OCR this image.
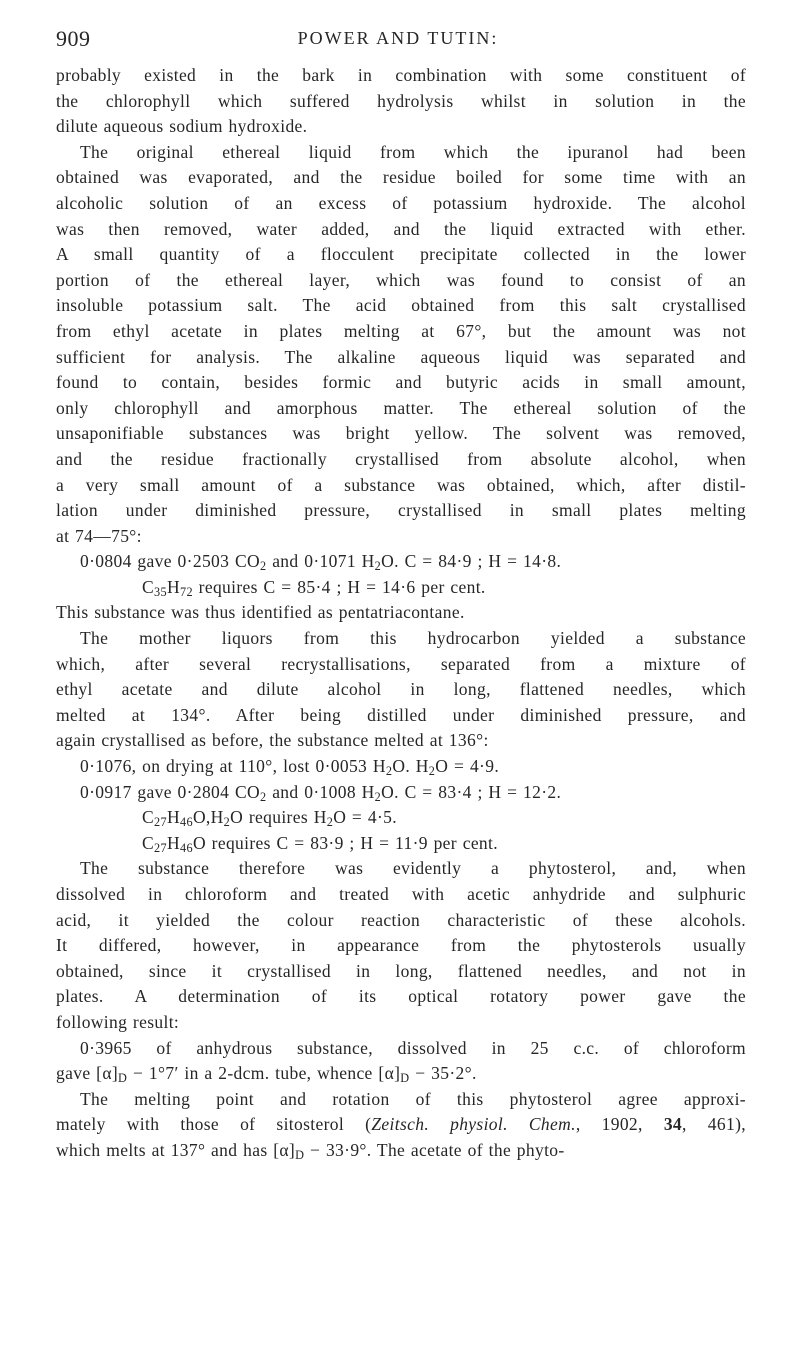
909	POWER AND TUTIN:
probably existed in the bark in combination with some constituent of
the chlorophyll which suffered hydrolysis whilst in solution in the
dilute aqueous sodium hydroxide.
The original ethereal liquid from which the ipuranol had been
obtained was evaporated, and the residue boiled for some time with an
alcoholic solution of an excess of potassium hydroxide. The alcohol
was then removed, water added, and the liquid extracted with ether.
A small quantity of a flocculent precipitate collected in the lower
portion of the ethereal layer, which was found to consist of an
insoluble potassium salt. The acid obtained from this salt crystallised
from ethyl acetate in plates melting at 67°, but the amount was not
sufficient for analysis. The alkaline aqueous liquid was separated and
found to contain, besides formic and butyric acids in small amount,
only chlorophyll and amorphous matter. The ethereal solution of the
unsaponifiable substances was bright yellow. The solvent was removed,
and the residue fractionally crystallised from absolute alcohol, when
a very small amount of a substance was obtained, which, after distil-
lation under diminished pressure, crystallised in small plates melting
at 74—75°:
0·0804 gave 0·2503 $CO_2$ and 0·1071 $H_2O$. C = 84·9 ; H = 14·8.
$C_{35}H_{72}$ requires C = 85·4 ; H = 14·6 per cent.
This substance was thus identified as pentatriacontane.
The mother liquors from this hydrocarbon yielded a substance
which, after several recrystallisations, separated from a mixture of
ethyl acetate and dilute alcohol in long, flattened needles, which
melted at 134°. After being distilled under diminished pressure, and
again crystallised as before, the substance melted at 136°:
0·1076, on drying at 110°, lost 0·0053 $H_2O$. $H_2O = 4\cdot 9$.
0·0917 gave 0·2804 $CO_2$ and 0·1008 $H_2O$. C = 83·4 ; H = 12·2.
$C_{27}H_{46}O,H_2O$ requires $H_2O = 4\cdot 5$.
$C_{27}H_{46}O$ requires C = 83·9 ; H = 11·9 per cent.
The substance therefore was evidently a phytosterol, and, when
dissolved in chloroform and treated with acetic anhydride and sulphuric
acid, it yielded the colour reaction characteristic of these alcohols.
It differed, however, in appearance from the phytosterols usually
obtained, since it crystallised in long, flattened needles, and not in
plates. A determination of its optical rotatory power gave the
following result:
0·3965 of anhydrous substance, dissolved in 25 c.c. of chloroform
gave $[\alpha]_D - 1^\circ 7'$ in a 2-dcm. tube, whence $[\alpha]_D - 35\cdot 2^\circ$.
The melting point and rotation of this phytosterol agree approxi-
mately with those of sitosterol (Zeitsch. physiol. Chem., 1902, 34, 461),
which melts at 137° and has $[\alpha]_D - 33\cdot 9^\circ$. The acetate of the phyto-
